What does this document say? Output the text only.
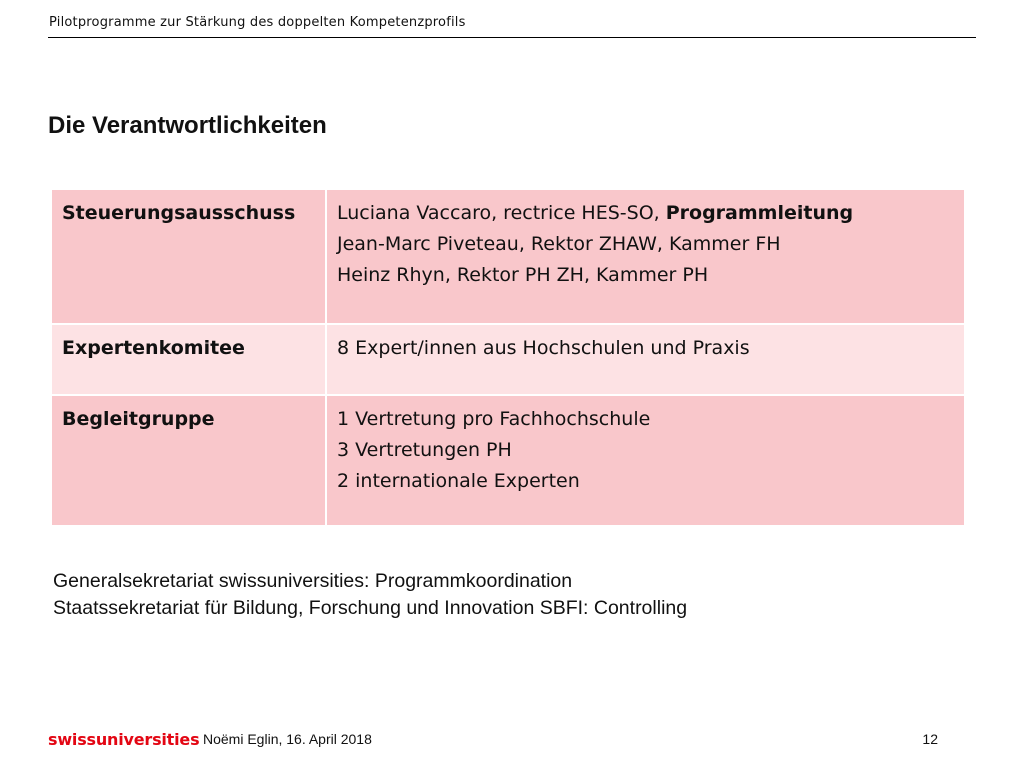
Pilotprogramme zur Stärkung des doppelten Kompetenzprofils
Die Verantwortlichkeiten
Steuerungsausschuss	Luciana Vaccaro, rectrice HES-SO, Programmleitung
Jean-Marc Piveteau, Rektor ZHAW, Kammer FH
Heinz Rhyn, Rektor PH ZH, Kammer PH

Expertenkomitee	8 Expert/innen aus Hochschulen und Praxis

Begleitgruppe	1 Vertretung pro Fachhochschule
3 Vertretungen PH
2 internationale Experten
Generalsekretariat swissuniversities: Programmkoordination
Staatssekretariat für Bildung, Forschung und Innovation SBFI: Controlling
swissuniversities Noëmi Eglin, 16. April 2018	12
